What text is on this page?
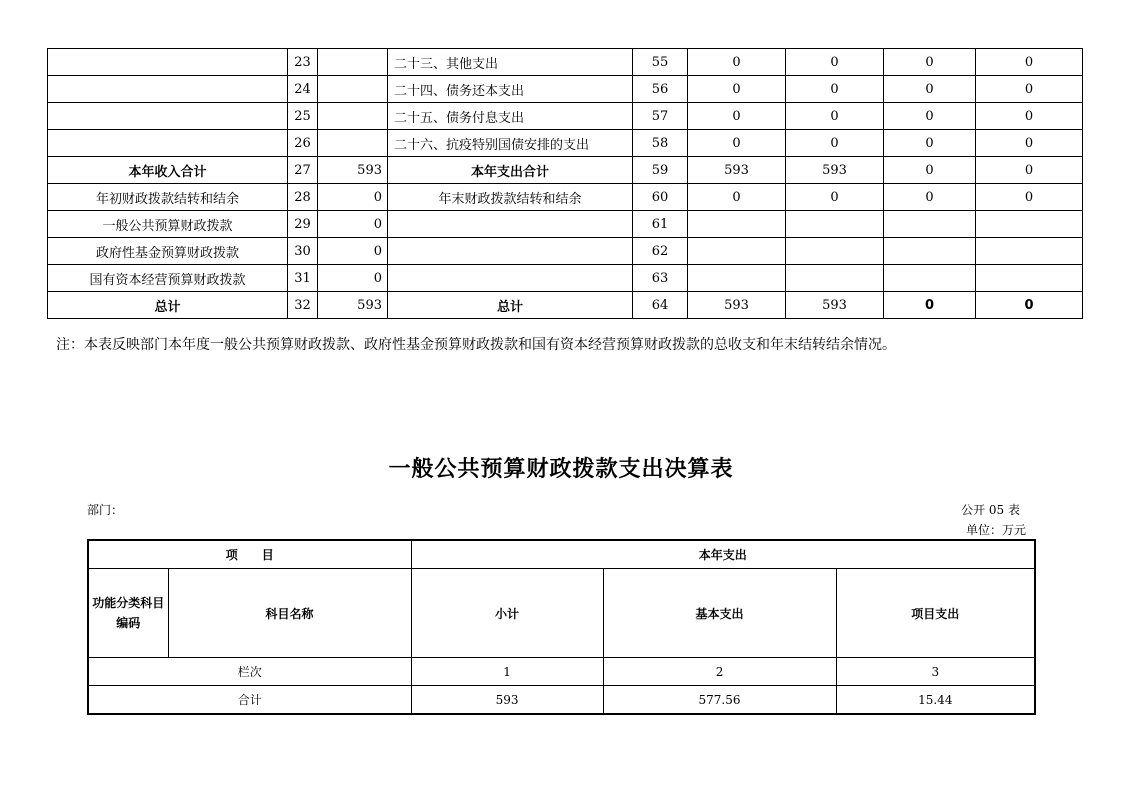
	23		二十三、其他支出	55	0	0	0	0
	24		二十四、债务还本支出	56	0	0	0	0
	25		二十五、债务付息支出	57	0	0	0	0
	26		二十六、抗疫特别国债安排的支出	58	0	0	0	0
本年收入合计	27	593	本年支出合计	59	593	593	0	0
年初财政拨款结转和结余	28	0	年末财政拨款结转和结余	60	0	0	0	0
一般公共预算财政拨款	29	0		61				
政府性基金预算财政拨款	30	0		62				
国有资本经营预算财政拨款	31	0		63				
总计	32	593	总计	64	593	593	0	0
注：本表反映部门本年度一般公共预算财政拨款、政府性基金预算财政拨款和国有资本经营预算财政拨款的总收支和年末结转结余情况。
一般公共预算财政拨款支出决算表
部门：	公开 05 表
单位：万元
项　　目		本年支出		
功能分类科目编码	科目名称	小计	基本支出	项目支出
栏次		1	2	3
合计		593	577.56	15.44
